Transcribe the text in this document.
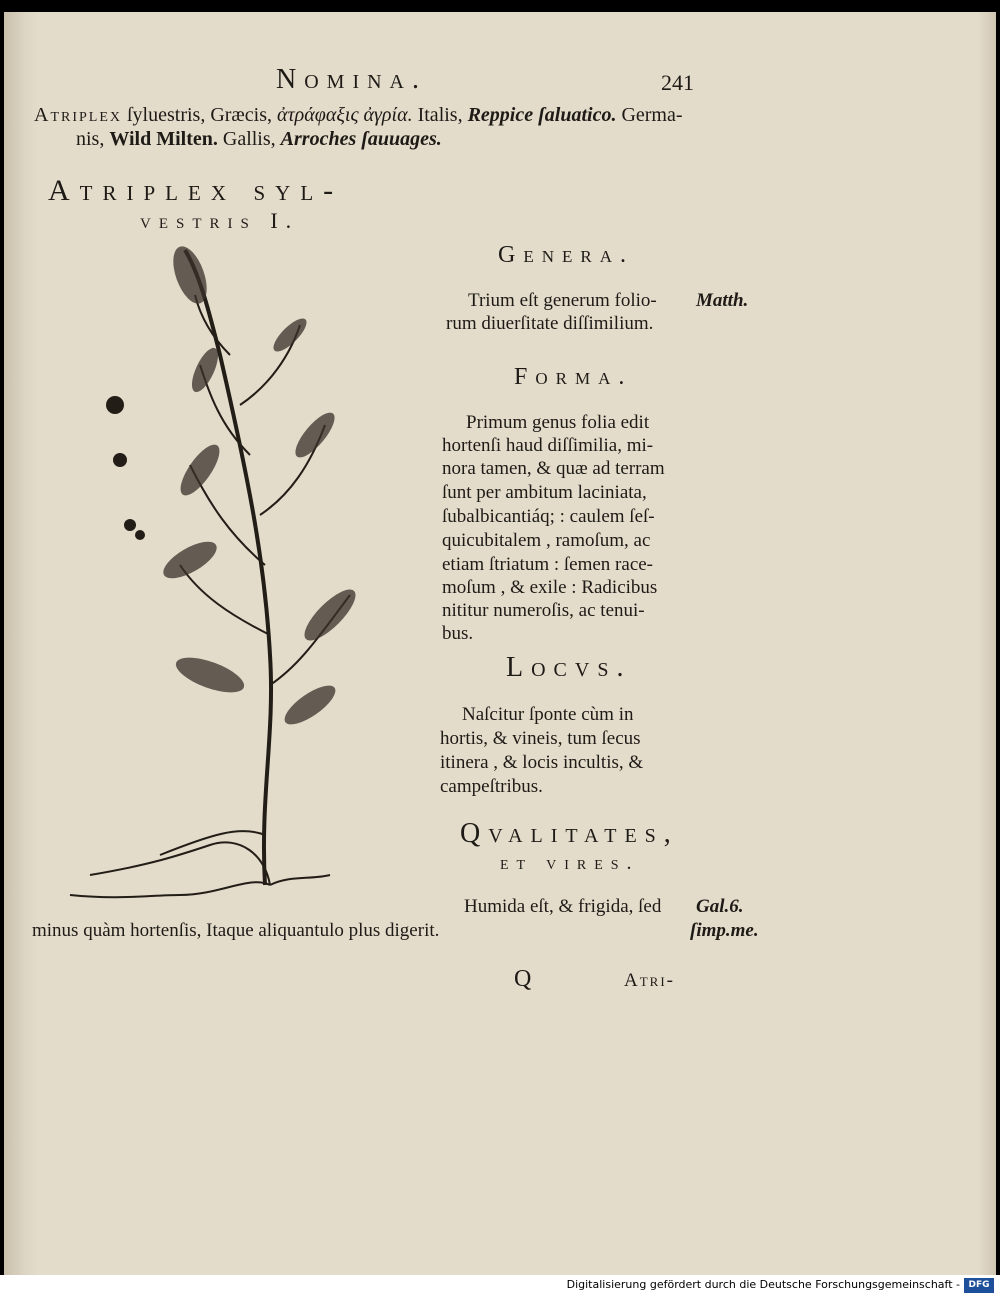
Nomina.	241
Atriplex ſyluestris, Græcis, ἀτράφαξις ἀγρία. Italis, Reppice ſaluatico. Germa-
nis, Wild Milten. Gallis, Arroches ſauuages.
Atriplex syl-
vestris I.
Genera.
Trium eſt generum folio- Matth.
rum diuerſitate diſſimilium.
Forma.
Primum genus folia edit
hortenſi haud diſſimilia, mi-
nora tamen, & quæ ad terram
ſunt per ambitum laciniata,
ſubalbicantiáq; : caulem ſeſ-
quicubitalem , ramoſum, ac
etiam ſtriatum : ſemen race-
moſum , & exile : Radicibus
nititur numeroſis, ac tenui-
bus.
Locvs.
Naſcitur ſponte cùm in
hortis, & vineis, tum ſecus
itinera , & locis incultis, &
campeſtribus.
Qvalitates,
et vires.
Humida eſt, & frigida, ſed Gal.6.
minus quàm hortenſis, Itaque aliquantulo plus digerit.	ſimp.me.
Q	Atri-
Digitalisierung gefördert durch die Deutsche Forschungsgemeinschaft - DFG
